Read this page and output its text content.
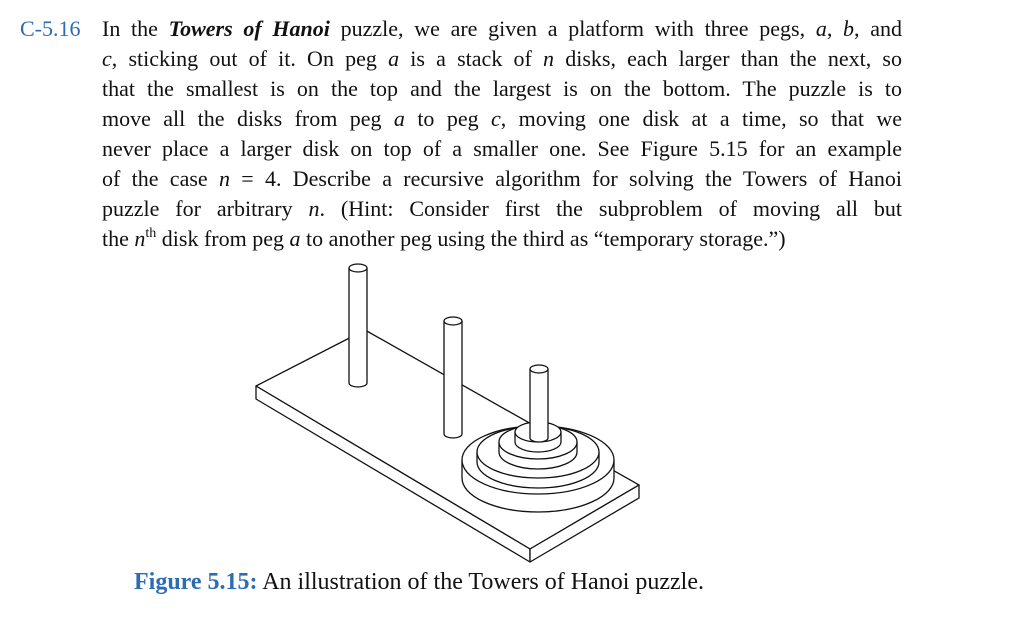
C-5.16 In the Towers of Hanoi puzzle, we are given a platform with three pegs, a, b, and
c, sticking out of it. On peg a is a stack of n disks, each larger than the next, so
that the smallest is on the top and the largest is on the bottom. The puzzle is to
move all the disks from peg a to peg c, moving one disk at a time, so that we
never place a larger disk on top of a smaller one. See Figure 5.15 for an example
of the case n = 4. Describe a recursive algorithm for solving the Towers of Hanoi
puzzle for arbitrary n. (Hint: Consider first the subproblem of moving all but
the $n^{th}$ disk from peg a to another peg using the third as “temporary storage.”)
Figure 5.15: An illustration of the Towers of Hanoi puzzle.
